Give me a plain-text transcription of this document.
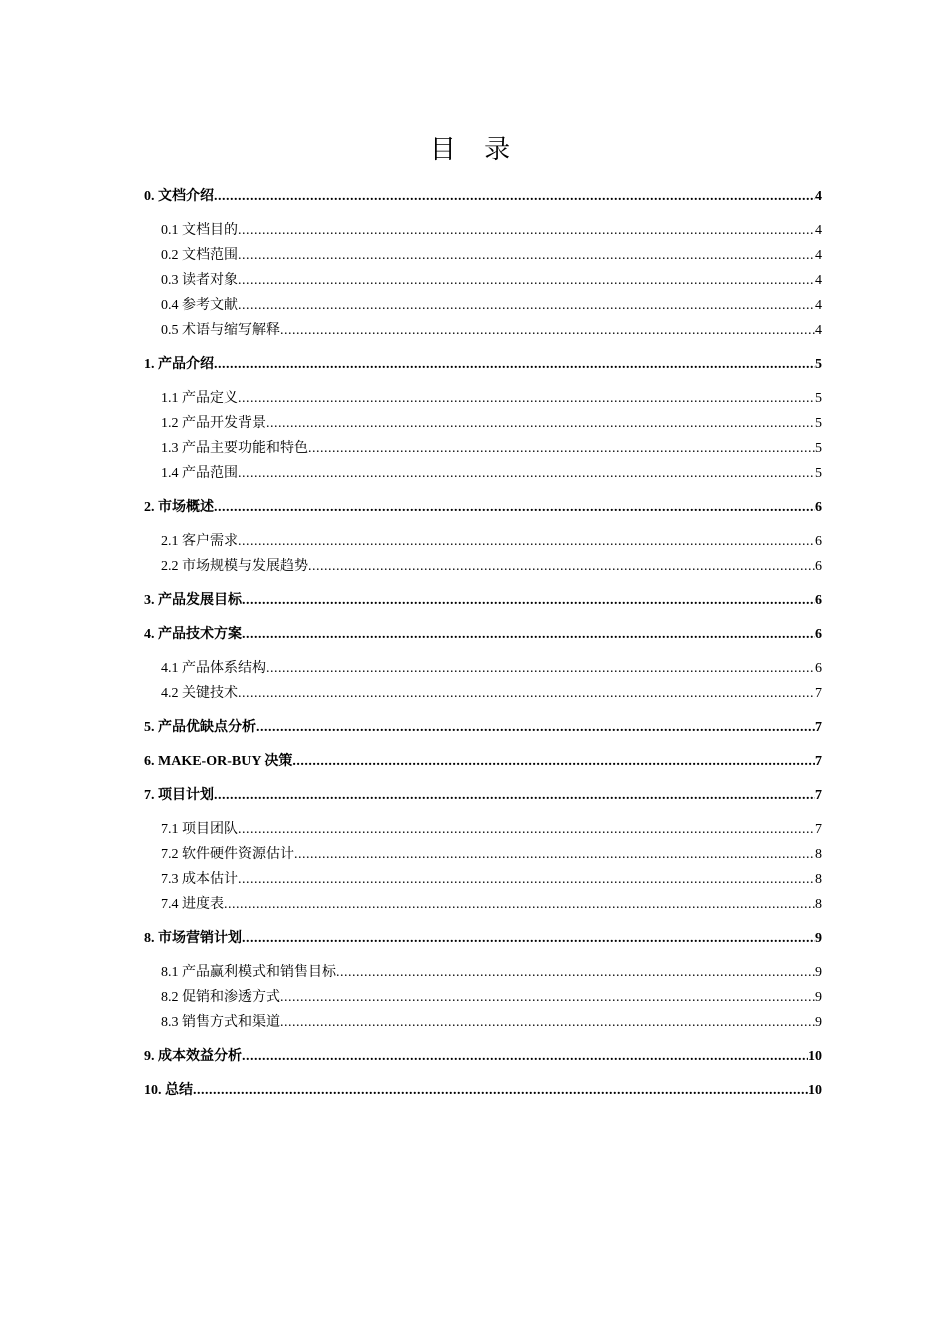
目 录
0. 文档介绍 .....	4
0.1 文档目的 .....	4
0.2 文档范围 .....	4
0.3 读者对象 .....	4
0.4 参考文献 .....	4
0.5 术语与缩写解释 .....	4
1. 产品介绍 .....	5
1.1 产品定义 .....	5
1.2 产品开发背景 .....	5
1.3 产品主要功能和特色 .....	5
1.4 产品范围 .....	5
2. 市场概述 .....	6
2.1 客户需求 .....	6
2.2 市场规模与发展趋势 .....	6
3. 产品发展目标 .....	6
4. 产品技术方案 .....	6
4.1 产品体系结构 .....	6
4.2 关键技术 .....	7
5. 产品优缺点分析 .....	7
6. MAKE-OR-BUY 决策 .....	7
7. 项目计划 .....	7
7.1 项目团队 .....	7
7.2 软件硬件资源估计 .....	8
7.3 成本估计 .....	8
7.4 进度表 .....	8
8. 市场营销计划 .....	9
8.1 产品赢利模式和销售目标 .....	9
8.2 促销和渗透方式 .....	9
8.3 销售方式和渠道 .....	9
9. 成本效益分析 .....	10
10. 总结 .....	10
